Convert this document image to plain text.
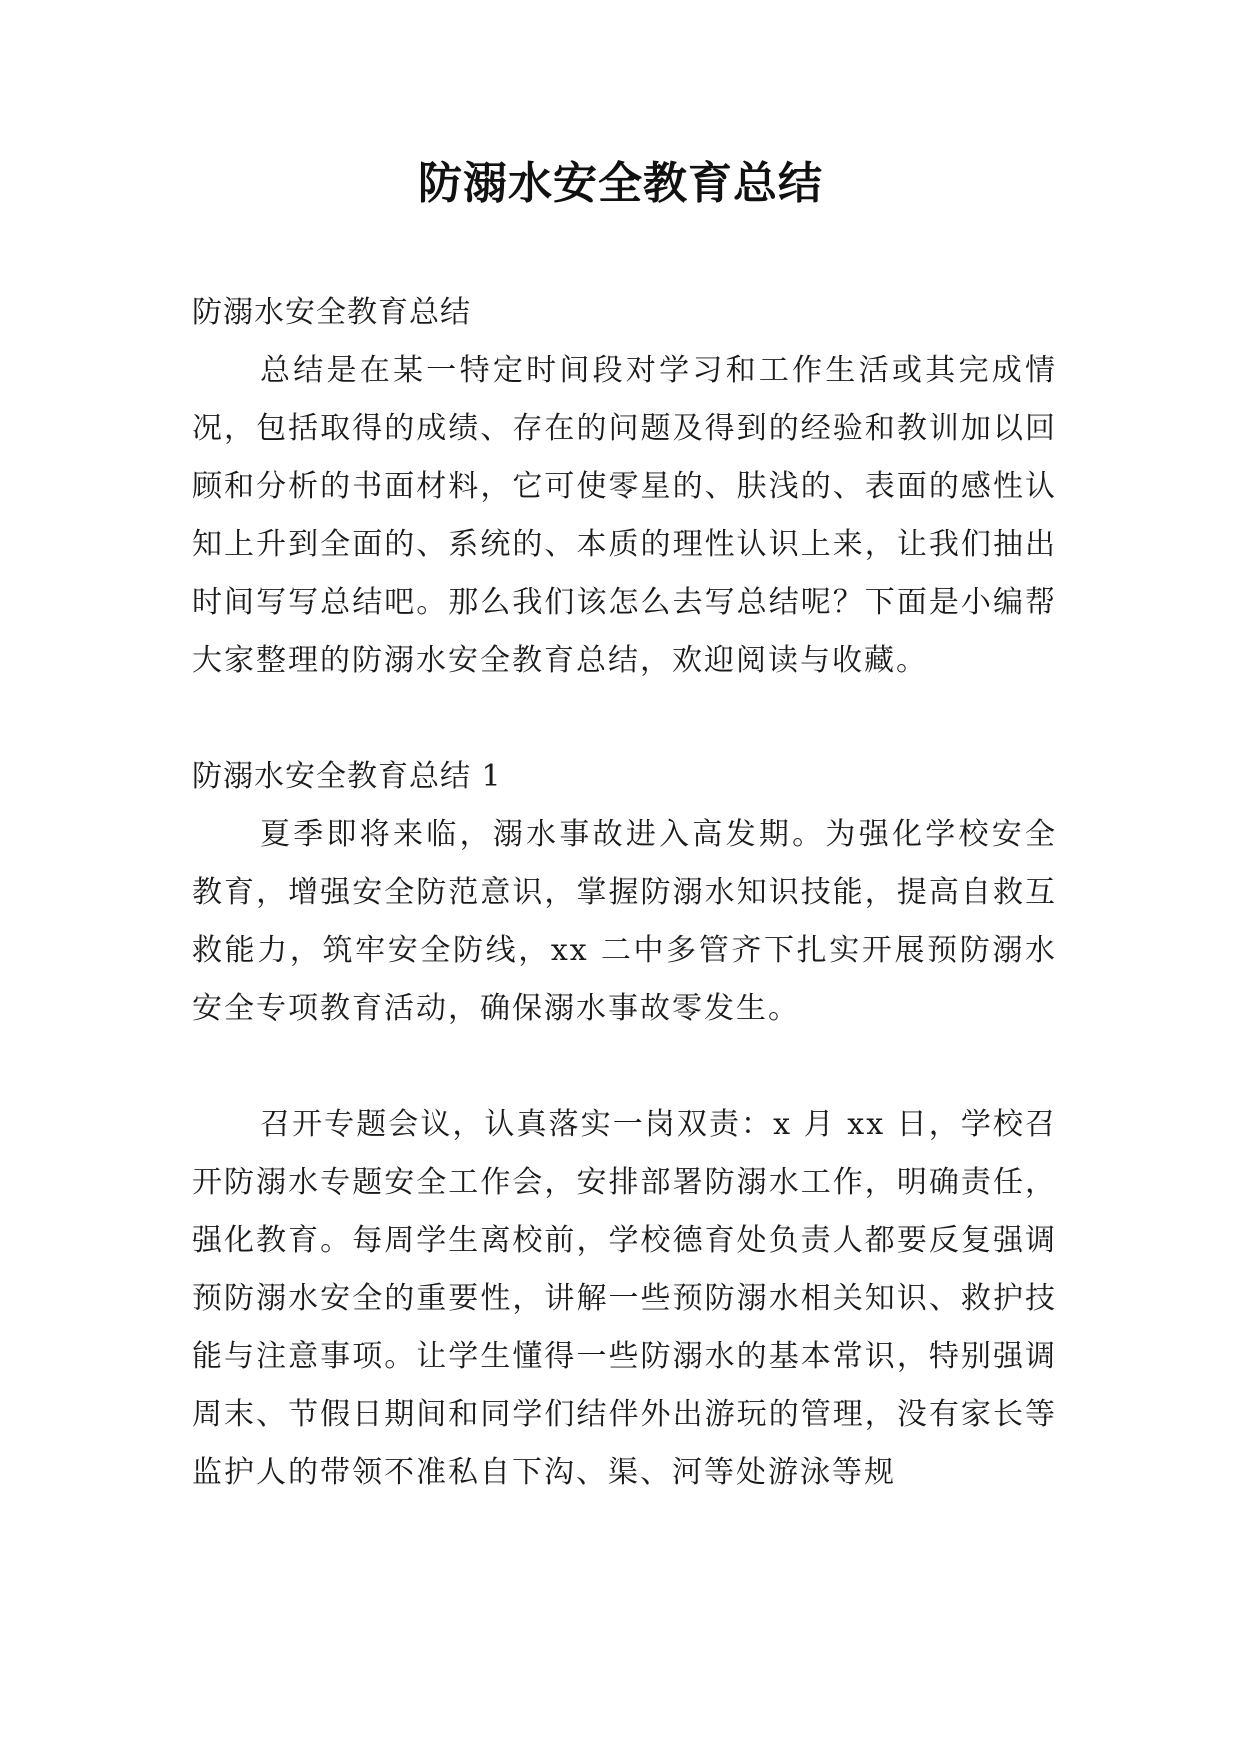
防溺水安全教育总结

防溺水安全教育总结

总结是在某一特定时间段对学习和工作生活或其完成情况，包括取得的成绩、存在的问题及得到的经验和教训加以回顾和分析的书面材料，它可使零星的、肤浅的、表面的感性认知上升到全面的、系统的、本质的理性认识上来，让我们抽出时间写写总结吧。那么我们该怎么去写总结呢？下面是小编帮大家整理的防溺水安全教育总结，欢迎阅读与收藏。

防溺水安全教育总结 1

夏季即将来临，溺水事故进入高发期。为强化学校安全教育，增强安全防范意识，掌握防溺水知识技能，提高自救互救能力，筑牢安全防线，xx 二中多管齐下扎实开展预防溺水安全专项教育活动，确保溺水事故零发生。

召开专题会议，认真落实一岗双责：x 月 xx 日，学校召开防溺水专题安全工作会，安排部署防溺水工作，明确责任，强化教育。每周学生离校前，学校德育处负责人都要反复强调预防溺水安全的重要性，讲解一些预防溺水相关知识、救护技能与注意事项。让学生懂得一些防溺水的基本常识，特别强调周末、节假日期间和同学们结伴外出游玩的管理，没有家长等监护人的带领不准私自下沟、渠、河等处游泳等规
